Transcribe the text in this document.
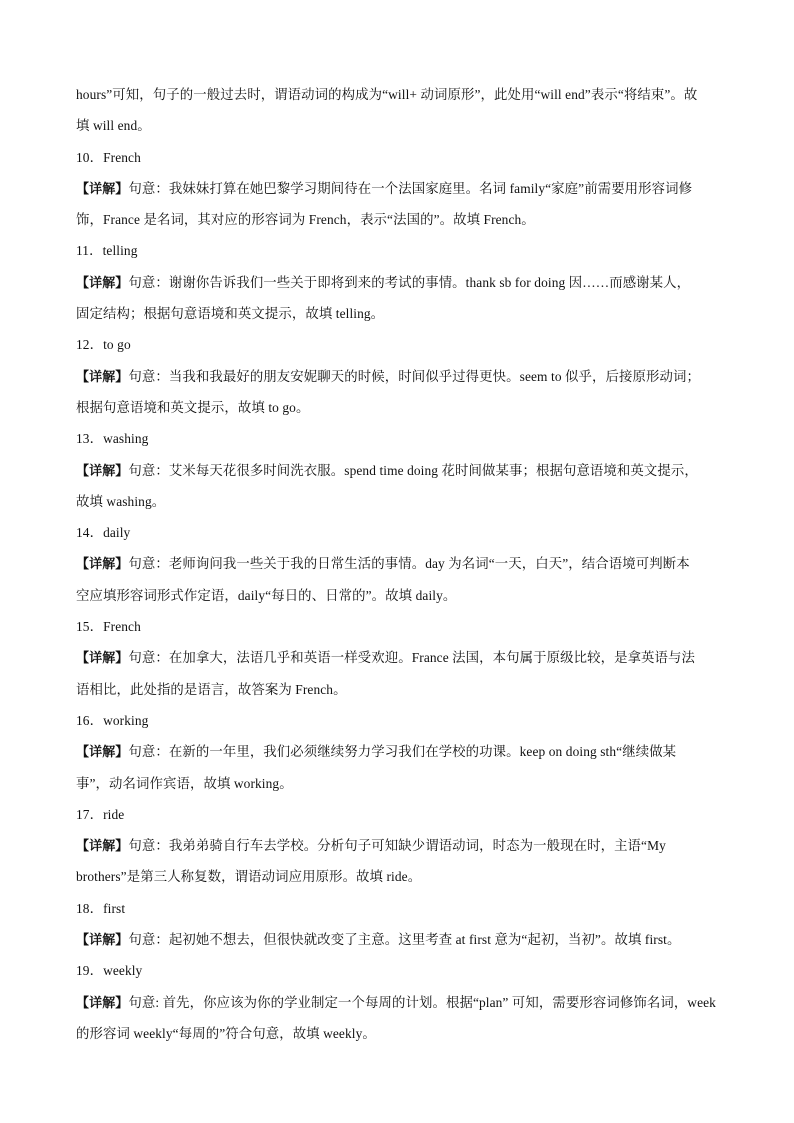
hours”可知，句子的一般过去时，谓语动词的构成为“will+ 动词原形”，此处用“will end”表示“将结束”。故
填 will end。
10．French
【详解】句意：我妹妹打算在她巴黎学习期间待在一个法国家庭里。名词 family“家庭”前需要用形容词修
饰，France 是名词，其对应的形容词为 French，表示“法国的”。故填 French。
11．telling
【详解】句意：谢谢你告诉我们一些关于即将到来的考试的事情。thank sb for doing 因……而感谢某人，
固定结构；根据句意语境和英文提示，故填 telling。
12．to go
【详解】句意：当我和我最好的朋友安妮聊天的时候，时间似乎过得更快。seem to 似乎，后接原形动词；
根据句意语境和英文提示，故填 to go。
13．washing
【详解】句意：艾米每天花很多时间洗衣服。spend time doing 花时间做某事；根据句意语境和英文提示，
故填 washing。
14．daily
【详解】句意：老师询问我一些关于我的日常生活的事情。day 为名词“一天，白天”，结合语境可判断本
空应填形容词形式作定语，daily“每日的、日常的”。故填 daily。
15．French
【详解】句意：在加拿大，法语几乎和英语一样受欢迎。France 法国，本句属于原级比较，是拿英语与法
语相比，此处指的是语言，故答案为 French。
16．working
【详解】句意：在新的一年里，我们必须继续努力学习我们在学校的功课。keep on doing sth“继续做某
事”，动名词作宾语，故填 working。
17．ride
【详解】句意：我弟弟骑自行车去学校。分析句子可知缺少谓语动词，时态为一般现在时，主语“My
brothers”是第三人称复数，谓语动词应用原形。故填 ride。
18．first
【详解】句意：起初她不想去，但很快就改变了主意。这里考查 at first 意为“起初，当初”。故填 first。
19．weekly
【详解】句意: 首先，你应该为你的学业制定一个每周的计划。根据“plan” 可知，需要形容词修饰名词，week
的形容词 weekly“每周的”符合句意，故填 weekly。
